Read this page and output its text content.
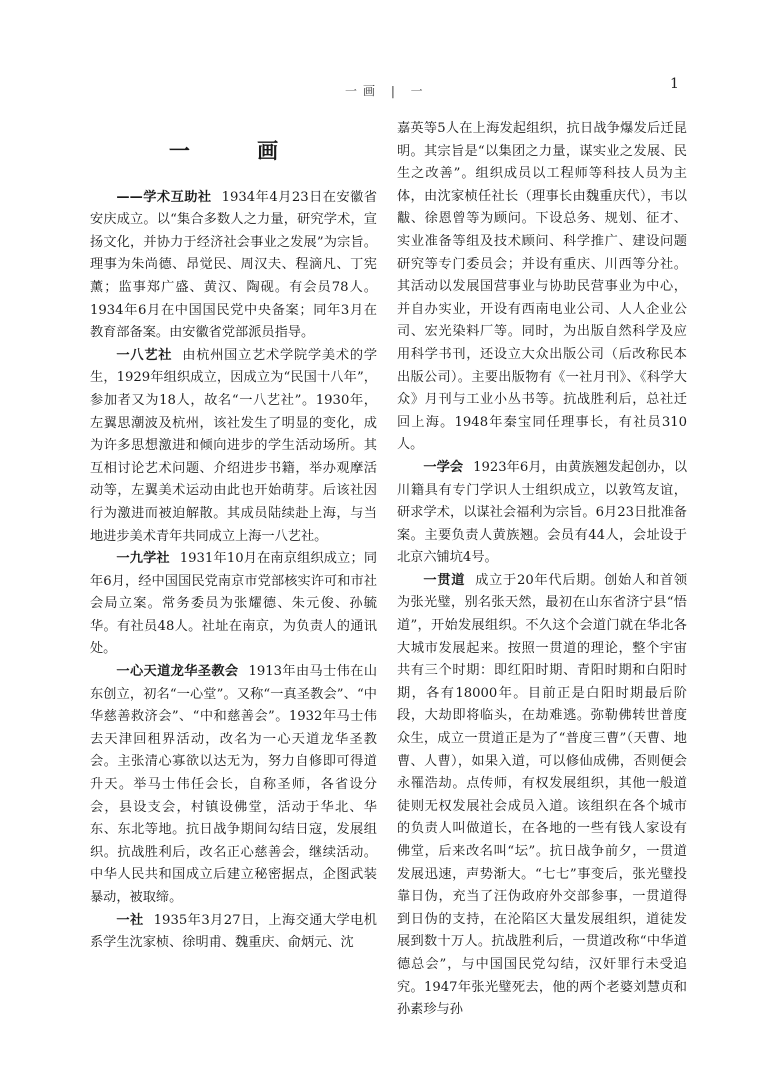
一画 | 一	1
一 画

——学术互助社 1934年4月23日在安徽省安庆成立。以“集合多数人之力量，研究学术，宣扬文化，并协力于经济社会事业之发展”为宗旨。理事为朱尚德、昂觉民、周汉夫、程滴凡、丁宪薰；监事郑广盛、黄汉、陶砚。有会员78人。1934年6月在中国国民党中央备案；同年3月在教育部备案。由安徽省党部派员指导。

一八艺社 由杭州国立艺术学院学美术的学生，1929年组织成立，因成立为“民国十八年”，参加者又为18人，故名“一八艺社”。1930年，左翼思潮波及杭州，该社发生了明显的变化，成为许多思想激进和倾向进步的学生活动场所。其互相讨论艺术问题、介绍进步书籍，举办观摩活动等，左翼美术运动由此也开始萌芽。后该社因行为激进而被迫解散。其成员陆续赴上海，与当地进步美术青年共同成立上海一八艺社。

一九学社 1931年10月在南京组织成立；同年6月，经中国国民党南京市党部核实许可和市社会局立案。常务委员为张耀德、朱元俊、孙毓华。有社员48人。社址在南京，为负责人的通讯处。

一心天道龙华圣教会 1913年由马士伟在山东创立，初名“一心堂”。又称“一真圣教会”、“中华慈善救济会”、“中和慈善会”。1932年马士伟去天津回租界活动，改名为一心天道龙华圣教会。主张清心寡欲以达无为，努力自修即可得道升天。举马士伟任会长，自称圣师，各省设分会，县设支会，村镇设佛堂，活动于华北、华东、东北等地。抗日战争期间勾结日寇，发展组织。抗战胜利后，改名正心慈善会，继续活动。中华人民共和国成立后建立秘密据点，企图武装暴动，被取缔。

一社 1935年3月27日，上海交通大学电机系学生沈家桢、徐明甫、魏重庆、俞炳元、沈

嘉英等5人在上海发起组织，抗日战争爆发后迁昆明。其宗旨是“以集团之力量，谋实业之发展、民生之改善”。组织成员以工程师等科技人员为主体，由沈家桢任社长（理事长由魏重庆代），韦以黻、徐恩曾等为顾问。下设总务、规划、征才、实业准备等组及技术顾问、科学推广、建设问题研究等专门委员会；并设有重庆、川西等分社。其活动以发展国营事业与协助民营事业为中心，并自办实业，开设有西南电业公司、人人企业公司、宏光染料厂等。同时，为出版自然科学及应用科学书刊，还设立大众出版公司（后改称民本出版公司）。主要出版物有《一社月刊》、《科学大众》月刊与工业小丛书等。抗战胜利后，总社迁回上海。1948年秦宝同任理事长，有社员310人。

一学会 1923年6月，由黄族翘发起创办，以川籍具有专门学识人士组织成立，以敦笃友谊，研求学术，以谋社会福利为宗旨。6月23日批准备案。主要负责人黄族翘。会员有44人，会址设于北京六铺坑4号。

一贯道 成立于20年代后期。创始人和首领为张光璧，别名张天然，最初在山东省济宁县“悟道”，开始发展组织。不久这个会道门就在华北各大城市发展起来。按照一贯道的理论，整个宇宙共有三个时期：即红阳时期、青阳时期和白阳时期，各有18000年。目前正是白阳时期最后阶段，大劫即将临头，在劫难逃。弥勒佛转世普度众生，成立一贯道正是为了“普度三曹”（天曹、地曹、人曹），如果入道，可以修仙成佛，否则便会永罹浩劫。点传师，有权发展组织，其他一般道徒则无权发展社会成员入道。该组织在各个城市的负责人叫做道长，在各地的一些有钱人家设有佛堂，后来改名叫“坛”。抗日战争前夕，一贯道发展迅速，声势渐大。“七七”事变后，张光璧投靠日伪，充当了汪伪政府外交部参事，一贯道得到日伪的支持，在沦陷区大量发展组织，道徒发展到数十万人。抗战胜利后，一贯道改称“中华道德总会”，与中国国民党勾结，汉奸罪行未受追究。1947年张光璧死去，他的两个老婆刘慧贞和孙素珍与孙
